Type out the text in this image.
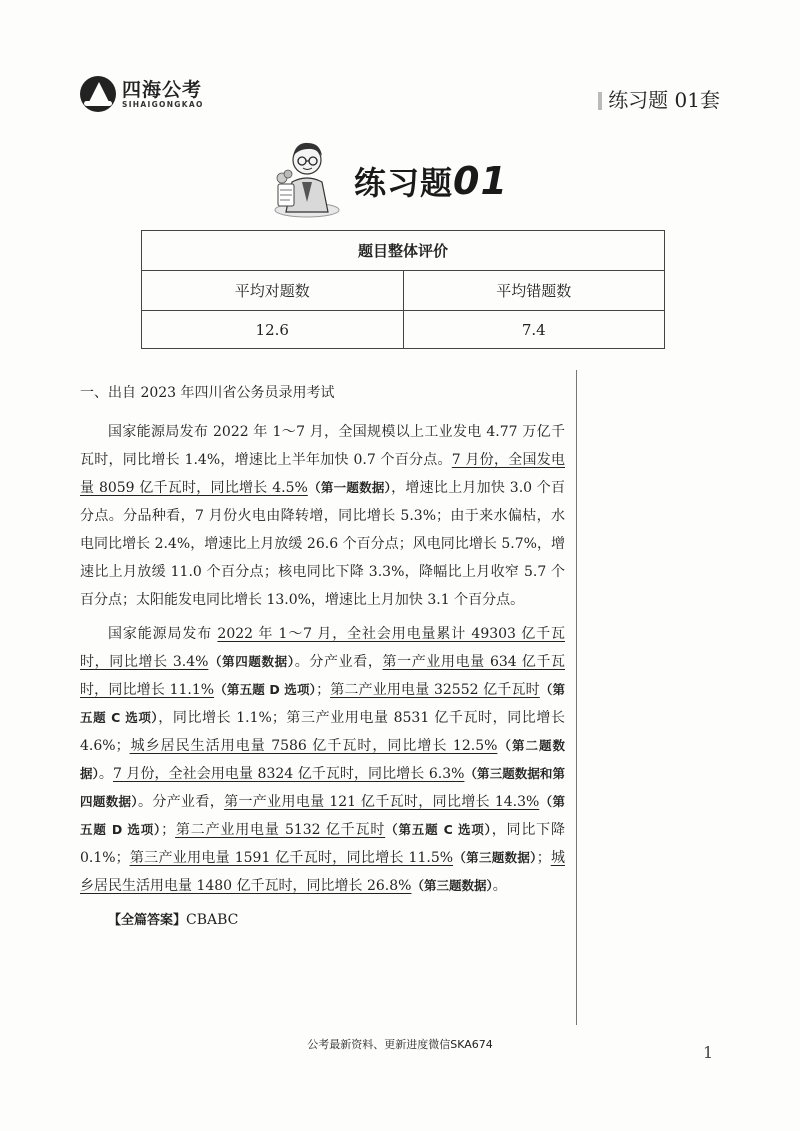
四海公考
SIHAIGONGKAO	练习题 01套
练习题01
题目整体评价	
平均对题数	平均错题数
12.6	7.4
一、出自 2023 年四川省公务员录用考试

国家能源局发布 2022 年 1～7 月，全国规模以上工业发电 4.77 万亿千瓦时，同比增长 1.4%，增速比上半年加快 0.7 个百分点。7 月份，全国发电量 8059 亿千瓦时，同比增长 4.5%（第一题数据），增速比上月加快 3.0 个百分点。分品种看，7 月份火电由降转增，同比增长 5.3%；由于来水偏枯，水电同比增长 2.4%，增速比上月放缓 26.6 个百分点；风电同比增长 5.7%，增速比上月放缓 11.0 个百分点；核电同比下降 3.3%，降幅比上月收窄 5.7 个百分点；太阳能发电同比增长 13.0%，增速比上月加快 3.1 个百分点。

国家能源局发布 2022 年 1～7 月，全社会用电量累计 49303 亿千瓦时，同比增长 3.4%（第四题数据）。分产业看，第一产业用电量 634 亿千瓦时，同比增长 11.1%（第五题 D 选项）；第二产业用电量 32552 亿千瓦时（第五题 C 选项），同比增长 1.1%；第三产业用电量 8531 亿千瓦时，同比增长 4.6%；城乡居民生活用电量 7586 亿千瓦时，同比增长 12.5%（第二题数据）。7 月份，全社会用电量 8324 亿千瓦时，同比增长 6.3%（第三题数据和第四题数据）。分产业看，第一产业用电量 121 亿千瓦时，同比增长 14.3%（第五题 D 选项）；第二产业用电量 5132 亿千瓦时（第五题 C 选项），同比下降 0.1%；第三产业用电量 1591 亿千瓦时，同比增长 11.5%（第三题数据）；城乡居民生活用电量 1480 亿千瓦时，同比增长 26.8%（第三题数据）。

【全篇答案】CBABC
公考最新资料、更新进度微信SKA674	1
